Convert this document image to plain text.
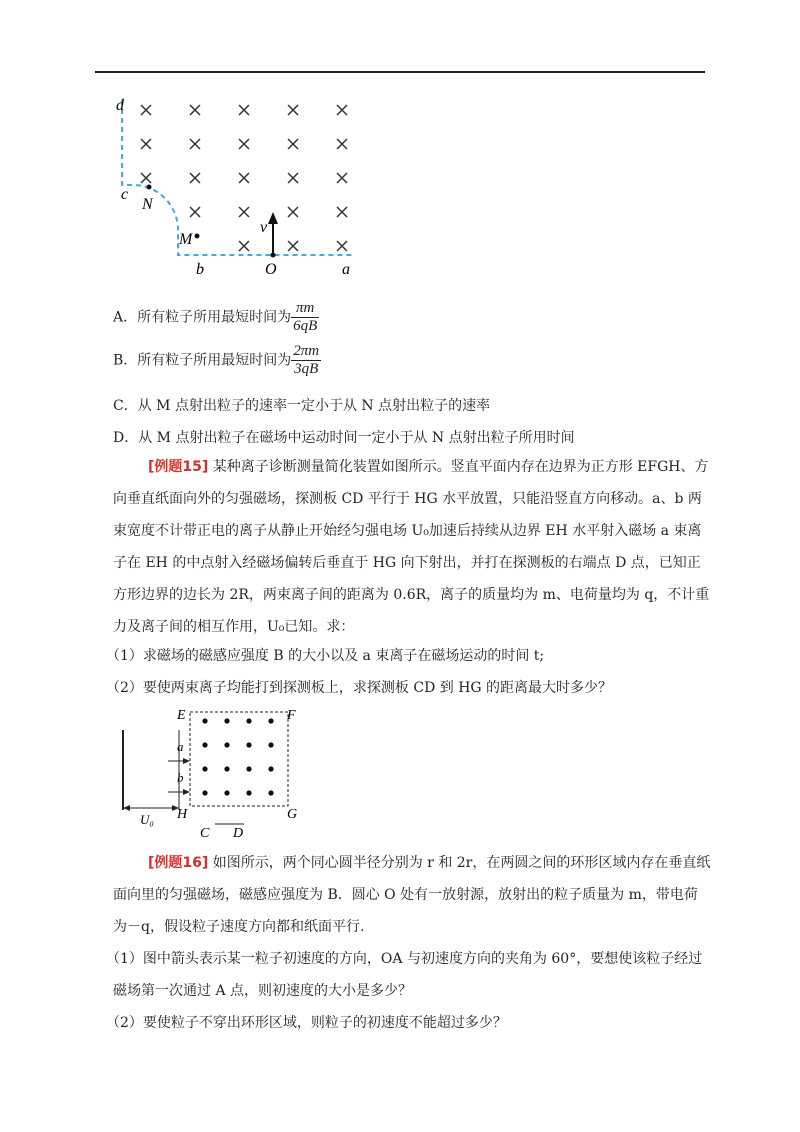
d
c
N
M
b	O	a
v
A．所有粒子所用最短时间为 $\frac{\pi m}{6qB}$
B．所有粒子所用最短时间为 $\frac{2\pi m}{3qB}$
C．从 M 点射出粒子的速率一定小于从 N 点射出粒子的速率
D．从 M 点射出粒子在磁场中运动时间一定小于从 N 点射出粒子所用时间
[例题15] 某种离子诊断测量简化装置如图所示。竖直平面内存在边界为正方形 EFGH、方
向垂直纸面向外的匀强磁场，探测板 CD 平行于 HG 水平放置，只能沿竖直方向移动。a、b 两
束宽度不计带正电的离子从静止开始经匀强电场 U₀加速后持续从边界 EH 水平射入磁场 a 束离
子在 EH 的中点射入经磁场偏转后垂直于 HG 向下射出，并打在探测板的右端点 D 点，已知正
方形边界的边长为 2R，两束离子间的距离为 0.6R，离子的质量均为 m、电荷量均为 q，不计重
力及离子间的相互作用，U₀已知。求：
（1）求磁场的磁感应强度 B 的大小以及 a 束离子在磁场运动的时间 t;
（2）要使两束离子均能打到探测板上，求探测板 CD 到 HG 的距离最大时多少？
E	F
G
H
a
b
U₀
C D
[例题16] 如图所示，两个同心圆半径分别为 r 和 2r，在两圆之间的环形区域内存在垂直纸
面向里的匀强磁场，磁感应强度为 B．圆心 O 处有一放射源，放射出的粒子质量为 m，带电荷
为－q，假设粒子速度方向都和纸面平行.
（1）图中箭头表示某一粒子初速度的方向，OA 与初速度方向的夹角为 60°，要想使该粒子经过
磁场第一次通过 A 点，则初速度的大小是多少？
（2）要使粒子不穿出环形区域，则粒子的初速度不能超过多少？
